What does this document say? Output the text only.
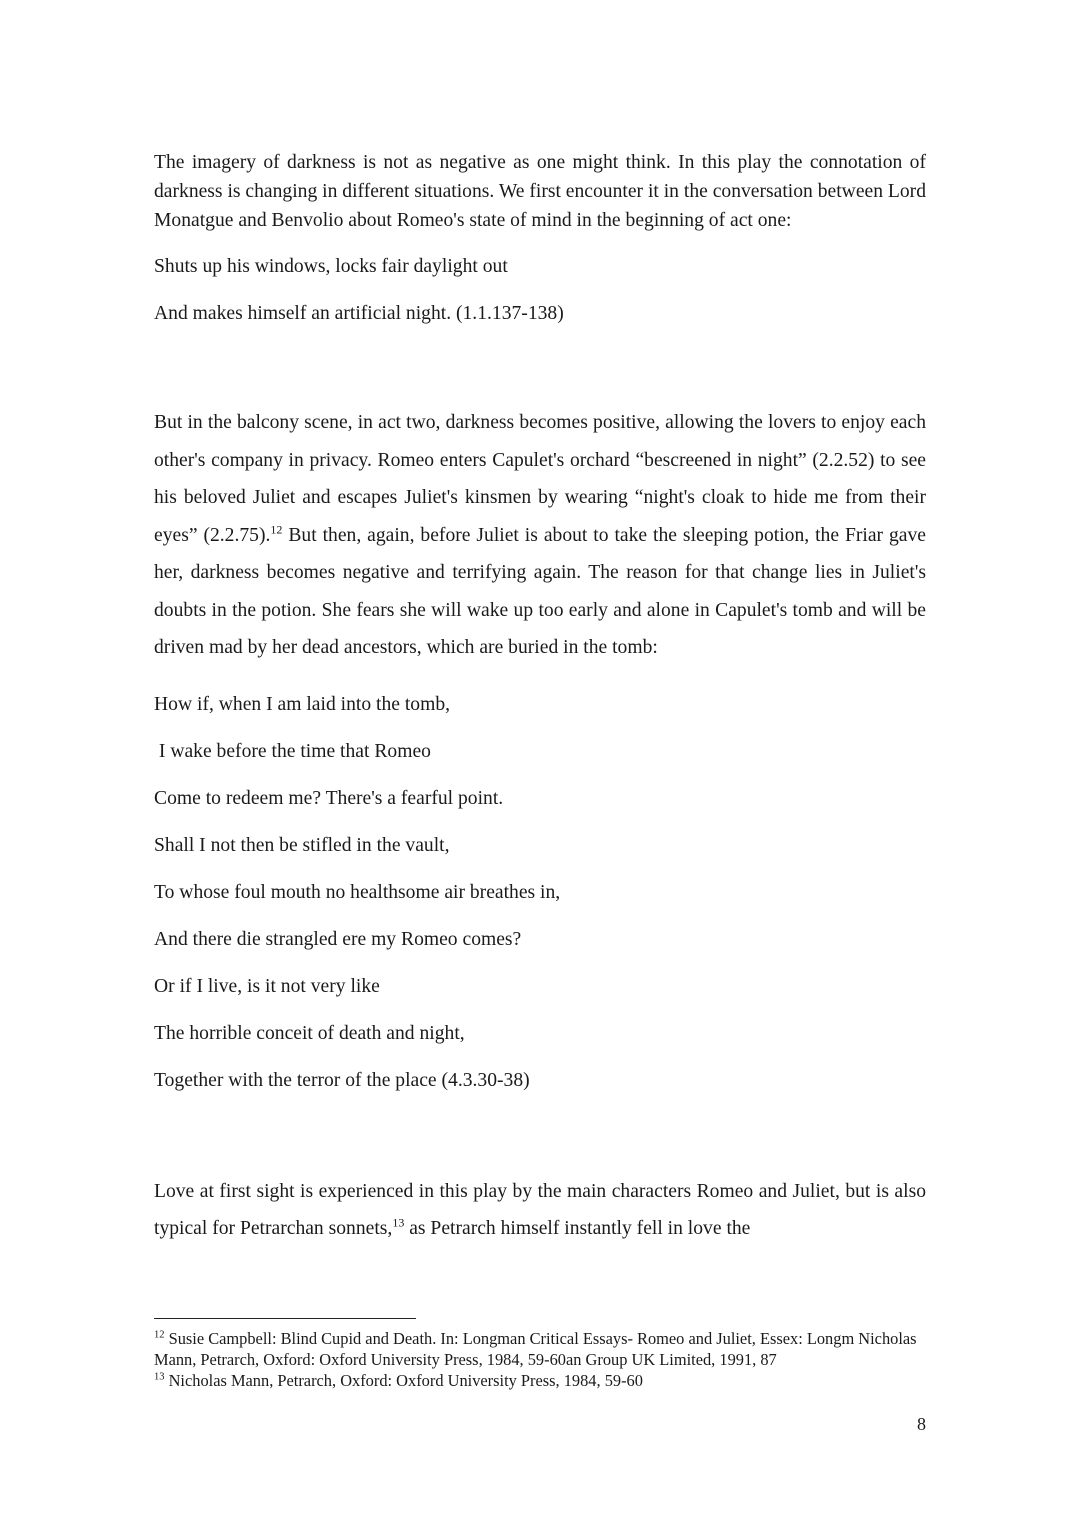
The imagery of darkness is not as negative as one might think. In this play the connotation of darkness is changing in different situations. We first encounter it in the conversation between Lord Monatgue and Benvolio about Romeo's state of mind in the beginning of act one:

Shuts up his windows, locks fair daylight out

And makes himself an artificial night. (1.1.137-138)

But in the balcony scene, in act two, darkness becomes positive, allowing the lovers to enjoy each other's company in privacy. Romeo enters Capulet's orchard “bescreened in night” (2.2.52) to see his beloved Juliet and escapes Juliet's kinsmen by wearing “night's cloak to hide me from their eyes” (2.2.75).$^{12}$ But then, again, before Juliet is about to take the sleeping potion, the Friar gave her, darkness becomes negative and terrifying again. The reason for that change lies in Juliet's doubts in the potion. She fears she will wake up too early and alone in Capulet's tomb and will be driven mad by her dead ancestors, which are buried in the tomb:

How if, when I am laid into the tomb,

I wake before the time that Romeo

Come to redeem me? There's a fearful point.

Shall I not then be stifled in the vault,

To whose foul mouth no healthsome air breathes in,

And there die strangled ere my Romeo comes?

Or if I live, is it not very like

The horrible conceit of death and night,

Together with the terror of the place (4.3.30-38)

Love at first sight is experienced in this play by the main characters Romeo and Juliet, but is also typical for Petrarchan sonnets,$^{13}$ as Petrarch himself instantly fell in love the

$^{12}$ Susie Campbell: Blind Cupid and Death. In: Longman Critical Essays- Romeo and Juliet, Essex: Longm Nicholas Mann, Petrarch, Oxford: Oxford University Press, 1984, 59-60an Group UK Limited, 1991, 87

$^{13}$ Nicholas Mann, Petrarch, Oxford: Oxford University Press, 1984, 59-60

8
